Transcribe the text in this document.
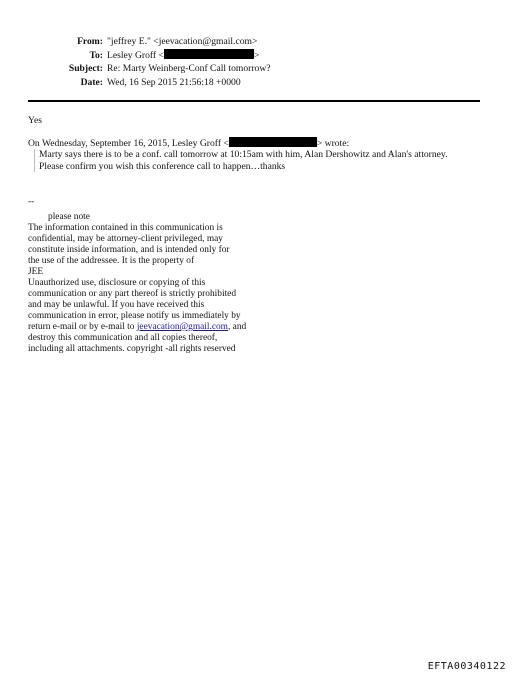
From: "jeffrey E." <jeevacation@gmail.com>
To: Lesley Groff <	>
Subject: Re: Marty Weinberg-Conf Call tomorrow?
Date: Wed, 16 Sep 2015 21:56:18 +0000
Yes
On Wednesday, September 16, 2015, Lesley Groff <	> wrote:
Marty says there is to be a conf. call tomorrow at 10:15am with him, Alan Dershowitz and Alan's attorney.
Please confirm you wish this conference call to happen…thanks
--
please note
The information contained in this communication is
confidential, may be attorney-client privileged, may
constitute inside information, and is intended only for
the use of the addressee. It is the property of
JEE
Unauthorized use, disclosure or copying of this
communication or any part thereof is strictly prohibited
and may be unlawful. If you have received this
communication in error, please notify us immediately by
return e-mail or by e-mail to jeevacation@gmail.com, and
destroy this communication and all copies thereof,
including all attachments. copyright -all rights reserved
EFTA00340122
